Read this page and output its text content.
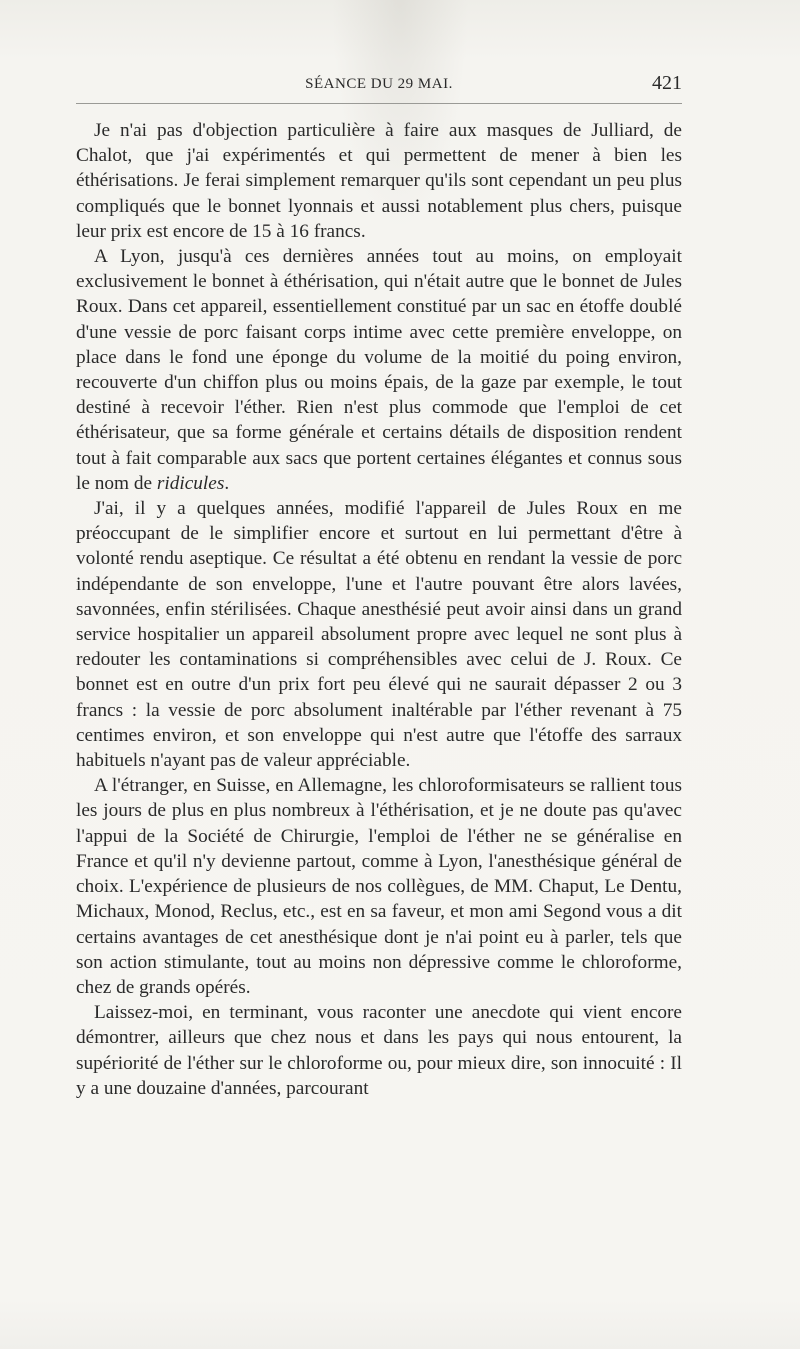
SÉANCE DU 29 MAI.	421

Je n'ai pas d'objection particulière à faire aux masques de Julliard, de Chalot, que j'ai expérimentés et qui permettent de mener à bien les éthérisations. Je ferai simplement remarquer qu'ils sont cependant un peu plus compliqués que le bonnet lyonnais et aussi notablement plus chers, puisque leur prix est encore de 15 à 16 francs.

A Lyon, jusqu'à ces dernières années tout au moins, on employait exclusivement le bonnet à éthérisation, qui n'était autre que le bonnet de Jules Roux. Dans cet appareil, essentiellement constitué par un sac en étoffe doublé d'une vessie de porc faisant corps intime avec cette première enveloppe, on place dans le fond une éponge du volume de la moitié du poing environ, recouverte d'un chiffon plus ou moins épais, de la gaze par exemple, le tout destiné à recevoir l'éther. Rien n'est plus commode que l'emploi de cet éthérisateur, que sa forme générale et certains détails de disposition rendent tout à fait comparable aux sacs que portent certaines élégantes et connus sous le nom de ridicules.

J'ai, il y a quelques années, modifié l'appareil de Jules Roux en me préoccupant de le simplifier encore et surtout en lui permettant d'être à volonté rendu aseptique. Ce résultat a été obtenu en rendant la vessie de porc indépendante de son enveloppe, l'une et l'autre pouvant être alors lavées, savonnées, enfin stérilisées. Chaque anesthésié peut avoir ainsi dans un grand service hospitalier un appareil absolument propre avec lequel ne sont plus à redouter les contaminations si compréhensibles avec celui de J. Roux. Ce bonnet est en outre d'un prix fort peu élevé qui ne saurait dépasser 2 ou 3 francs : la vessie de porc absolument inaltérable par l'éther revenant à 75 centimes environ, et son enveloppe qui n'est autre que l'étoffe des sarraux habituels n'ayant pas de valeur appréciable.

A l'étranger, en Suisse, en Allemagne, les chloroformisateurs se rallient tous les jours de plus en plus nombreux à l'éthérisation, et je ne doute pas qu'avec l'appui de la Société de Chirurgie, l'emploi de l'éther ne se généralise en France et qu'il n'y devienne partout, comme à Lyon, l'anesthésique général de choix. L'expérience de plusieurs de nos collègues, de MM. Chaput, Le Dentu, Michaux, Monod, Reclus, etc., est en sa faveur, et mon ami Segond vous a dit certains avantages de cet anesthésique dont je n'ai point eu à parler, tels que son action stimulante, tout au moins non dépressive comme le chloroforme, chez de grands opérés.

Laissez-moi, en terminant, vous raconter une anecdote qui vient encore démontrer, ailleurs que chez nous et dans les pays qui nous entourent, la supériorité de l'éther sur le chloroforme ou, pour mieux dire, son innocuité : Il y a une douzaine d'années, parcourant
